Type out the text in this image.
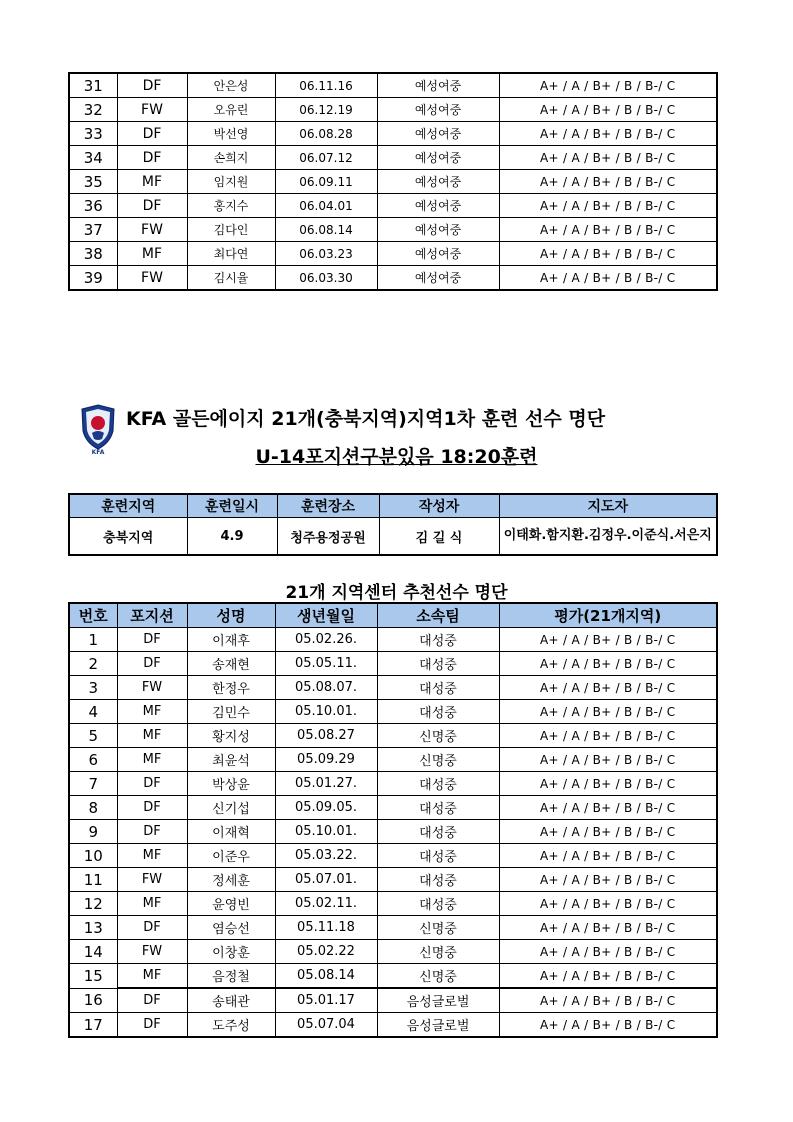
31	DF	안은성	06.11.16	예성여중	A+ / A / B+ / B / B-/ C
32	FW	오유린	06.12.19	예성여중	A+ / A / B+ / B / B-/ C
33	DF	박선영	06.08.28	예성여중	A+ / A / B+ / B / B-/ C
34	DF	손희지	06.07.12	예성여중	A+ / A / B+ / B / B-/ C
35	MF	임지원	06.09.11	예성여중	A+ / A / B+ / B / B-/ C
36	DF	홍지수	06.04.01	예성여중	A+ / A / B+ / B / B-/ C
37	FW	김다인	06.08.14	예성여중	A+ / A / B+ / B / B-/ C
38	MF	최다연	06.03.23	예성여중	A+ / A / B+ / B / B-/ C
39	FW	김시율	06.03.30	예성여중	A+ / A / B+ / B / B-/ C
KFA
KFA 골든에이지 21개(충북지역)지역1차 훈련 선수 명단
U-14포지션구분있음 18:20훈련
훈련지역	훈련일시	훈련장소	작성자	지도자
충북지역	4.9	청주용정공원	김 길 식	이태화.함지환.김정우.이준식.서은지
21개 지역센터 추천선수 명단
번호	포지션	성명	생년월일	소속팀	평가(21개지역)
1	DF	이재후	05.02.26.	대성중	A+ / A / B+ / B / B-/ C
2	DF	송재현	05.05.11.	대성중	A+ / A / B+ / B / B-/ C
3	FW	한정우	05.08.07.	대성중	A+ / A / B+ / B / B-/ C
4	MF	김민수	05.10.01.	대성중	A+ / A / B+ / B / B-/ C
5	MF	황지성	05.08.27	신명중	A+ / A / B+ / B / B-/ C
6	MF	최윤석	05.09.29	신명중	A+ / A / B+ / B / B-/ C
7	DF	박상윤	05.01.27.	대성중	A+ / A / B+ / B / B-/ C
8	DF	신기섭	05.09.05.	대성중	A+ / A / B+ / B / B-/ C
9	DF	이재혁	05.10.01.	대성중	A+ / A / B+ / B / B-/ C
10	MF	이준우	05.03.22.	대성중	A+ / A / B+ / B / B-/ C
11	FW	정세훈	05.07.01.	대성중	A+ / A / B+ / B / B-/ C
12	MF	윤영빈	05.02.11.	대성중	A+ / A / B+ / B / B-/ C
13	DF	염승선	05.11.18	신명중	A+ / A / B+ / B / B-/ C
14	FW	이창훈	05.02.22	신명중	A+ / A / B+ / B / B-/ C
15	MF	음정철	05.08.14	신명중	A+ / A / B+ / B / B-/ C
16	DF	송태관	05.01.17	음성글로벌	A+ / A / B+ / B / B-/ C
17	DF	도주성	05.07.04	음성글로벌	A+ / A / B+ / B / B-/ C
